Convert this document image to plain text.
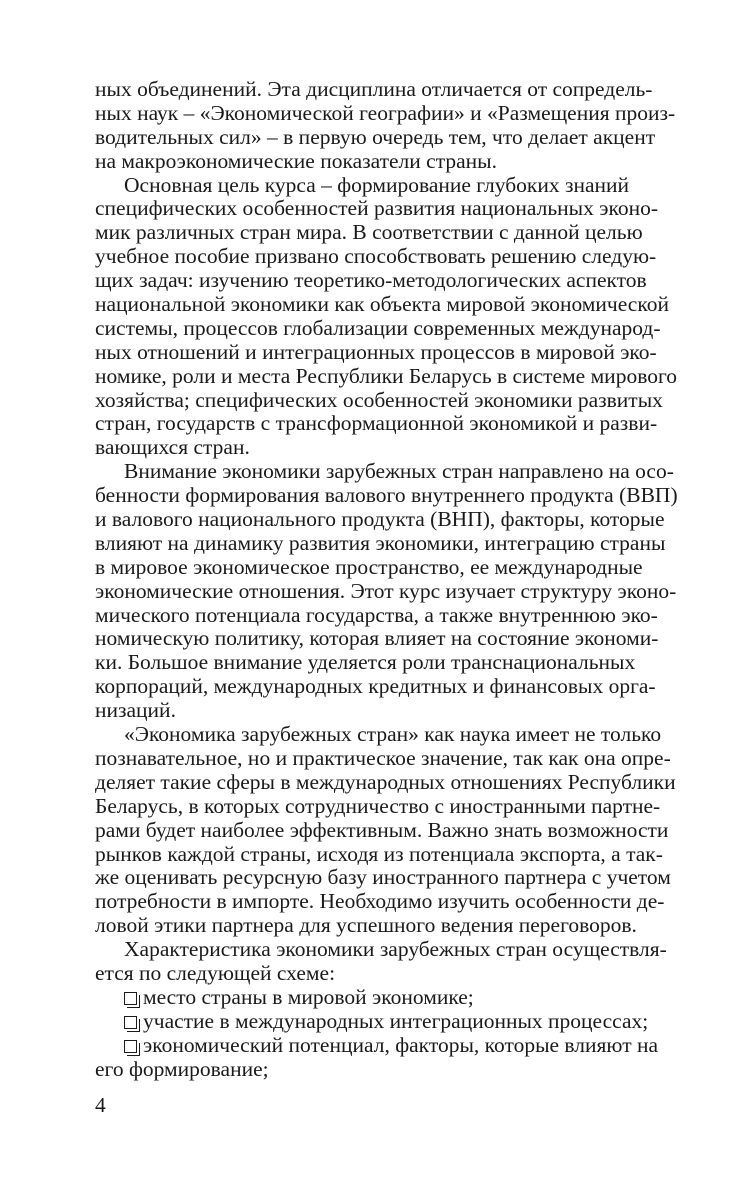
ных объединений. Эта дисциплина отличается от сопредель-
ных наук – «Экономической географии» и «Размещения произ-
водительных сил» – в первую очередь тем, что делает акцент
на макроэкономические показатели страны.
Основная цель курса – формирование глубоких знаний
специфических особенностей развития национальных эконо-
мик различных стран мира. В соответствии с данной целью
учебное пособие призвано способствовать решению следую-
щих задач: изучению теоретико-методологических аспектов
национальной экономики как объекта мировой экономической
системы, процессов глобализации современных международ-
ных отношений и интеграционных процессов в мировой эко-
номике, роли и места Республики Беларусь в системе мирового
хозяйства; специфических особенностей экономики развитых
стран, государств с трансформационной экономикой и разви-
вающихся стран.
Внимание экономики зарубежных стран направлено на осо-
бенности формирования валового внутреннего продукта (ВВП)
и валового национального продукта (ВНП), факторы, которые
влияют на динамику развития экономики, интеграцию страны
в мировое экономическое пространство, ее международные
экономические отношения. Этот курс изучает структуру эконо-
мического потенциала государства, а также внутреннюю эко-
номическую политику, которая влияет на состояние экономи-
ки. Большое внимание уделяется роли транснациональных
корпораций, международных кредитных и финансовых орга-
низаций.
«Экономика зарубежных стран» как наука имеет не только
познавательное, но и практическое значение, так как она опре-
деляет такие сферы в международных отношениях Республики
Беларусь, в которых сотрудничество с иностранными партне-
рами будет наиболее эффективным. Важно знать возможности
рынков каждой страны, исходя из потенциала экспорта, а так-
же оценивать ресурсную базу иностранного партнера с учетом
потребности в импорте. Необходимо изучить особенности де-
ловой этики партнера для успешного ведения переговоров.
Характеристика экономики зарубежных стран осуществля-
ется по следующей схеме:
место страны в мировой экономике;
участие в международных интеграционных процессах;
экономический потенциал, факторы, которые влияют на
его формирование;
4
